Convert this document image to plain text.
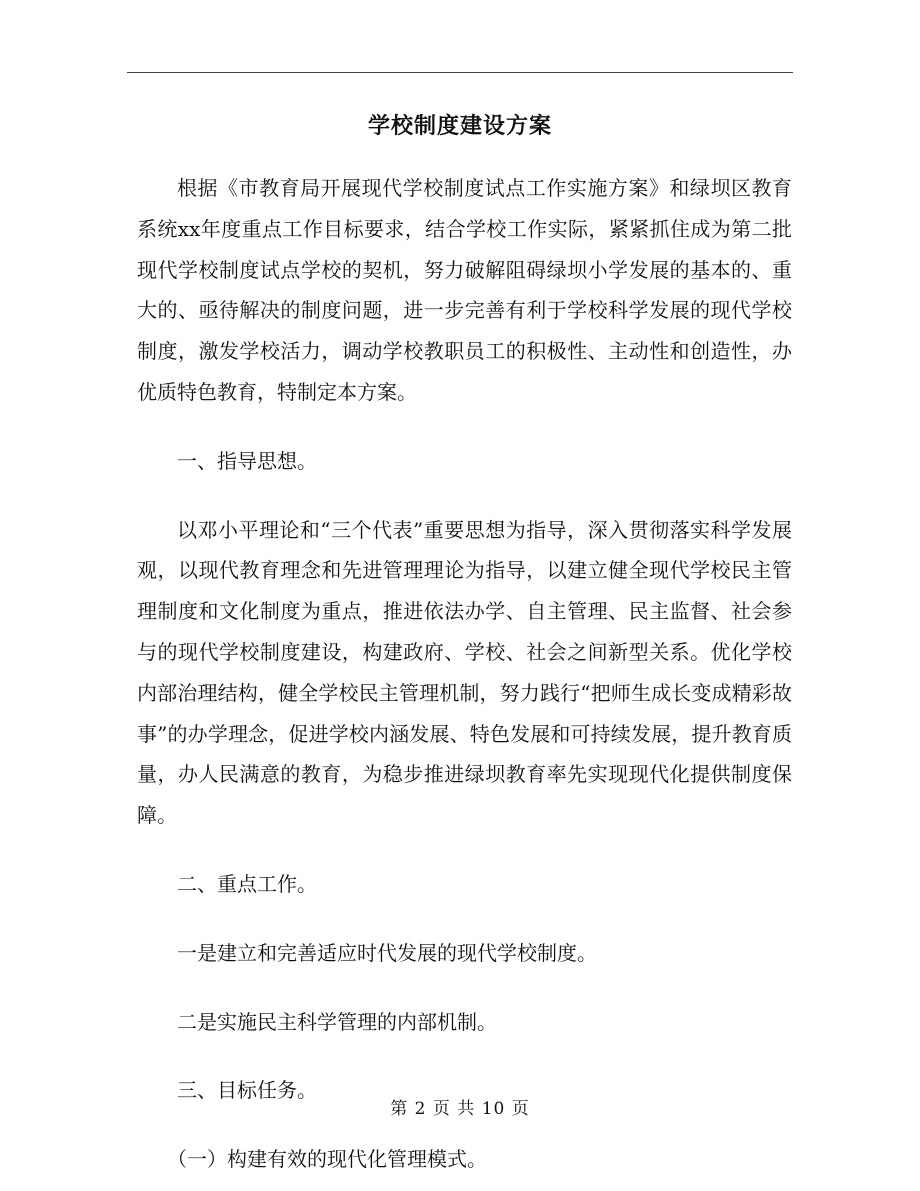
学校制度建设方案

根据《市教育局开展现代学校制度试点工作实施方案》和绿坝区教育系统xx年度重点工作目标要求，结合学校工作实际，紧紧抓住成为第二批现代学校制度试点学校的契机，努力破解阻碍绿坝小学发展的基本的、重大的、亟待解决的制度问题，进一步完善有利于学校科学发展的现代学校制度，激发学校活力，调动学校教职员工的积极性、主动性和创造性，办优质特色教育，特制定本方案。

一、指导思想。

以邓小平理论和“三个代表”重要思想为指导，深入贯彻落实科学发展观，以现代教育理念和先进管理理论为指导，以建立健全现代学校民主管理制度和文化制度为重点，推进依法办学、自主管理、民主监督、社会参与的现代学校制度建设，构建政府、学校、社会之间新型关系。优化学校内部治理结构，健全学校民主管理机制，努力践行“把师生成长变成精彩故事”的办学理念，促进学校内涵发展、特色发展和可持续发展，提升教育质量，办人民满意的教育，为稳步推进绿坝教育率先实现现代化提供制度保障。

二、重点工作。

一是建立和完善适应时代发展的现代学校制度。

二是实施民主科学管理的内部机制。

三、目标任务。

（一）构建有效的现代化管理模式。

第 2 页 共 10 页
